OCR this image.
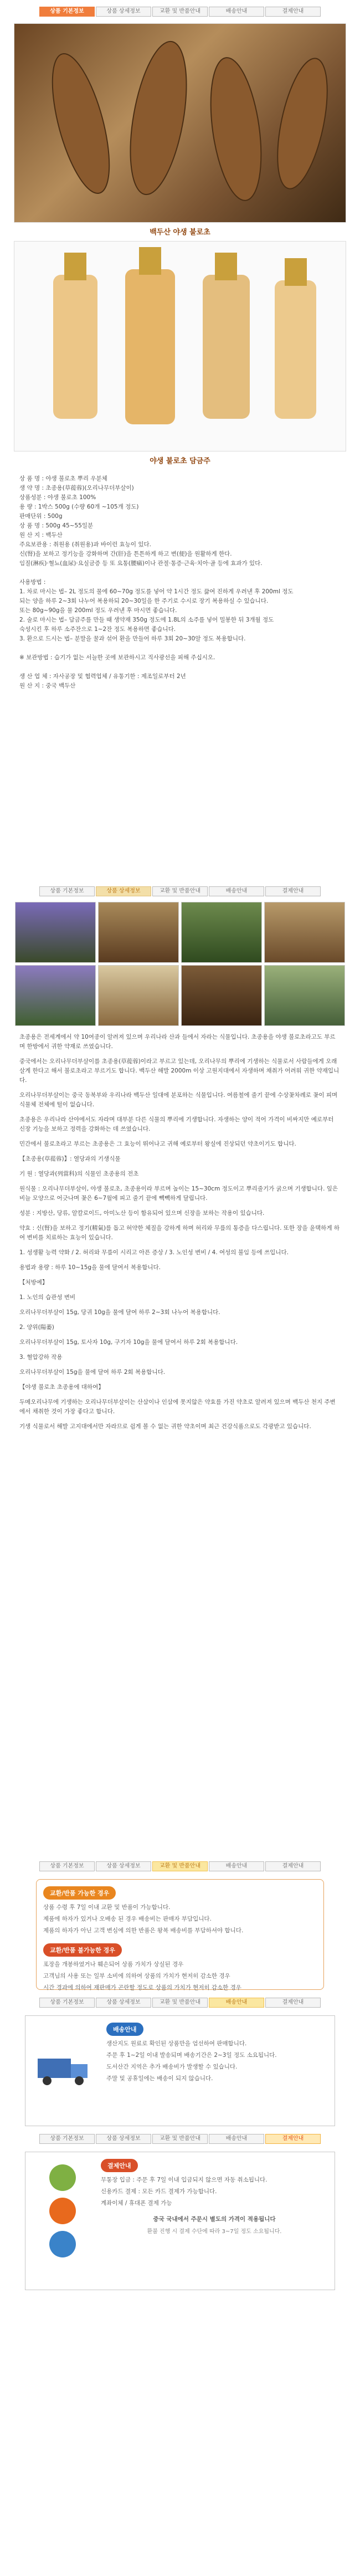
상품 기본정보	상품 상세정보	교환 및 반품안내	배송안내	결제안내
백두산 야생 불로초
야생 불로초 담금주

상 품 명 : 야생 불로초 뿌리 우분체

생 약 명 : 초종용(草蓯蓉)(오리나무더부살이)

상품성분 : 야생 불로초 100%

용 량 : 1박스 500g (수량 60개 ~105개 정도)

판매단위 : 500g

상 품 명 : 500g 45~55일분

원 산 지 : 백두산

주요보관용 : 취원용 (취원용)과 바이런 효능이 있다.

신(腎)을 보하고 정기능을 강화하며 간(肝)을 튼튼하게 하고 변(便)을 원활하게 한다.

임질(淋疾)·혈뇨(血尿)·요실금증 등 또 요통(腰痛)이나 관절·통증·근육·치아·골 등에 효과가 있다.

사용방법 :

1. 차로 마시는 법– 2L 정도의 물에 60~70g 정도를 넣어 약 1시간 정도 끓여 진하게 우려낸 후 200ml 정도

되는 양을 하루 2~3회 나누어 복용하되 20~30일을 한 주기로 수시로 장기 복용하실 수 있습니다.

또는 80g~90g을 물 200ml 정도 우려낸 후 마시면 좋습니다.

2. 술로 마시는 법– 담금주를 만들 때 생약재 350g 정도에 1.8L의 소주를 넣어 밀봉한 뒤 3개월 정도

숙성시킨 후 하루 소주잔으로 1~2잔 정도 복용하면 좋습니다.

3. 환으로 드시는 법– 분말을 꿀과 섞어 환을 만들어 하루 3회 20~30알 정도 복용합니다.

※ 보관방법 : 습기가 없는 서늘한 곳에 보관하시고 직사광선을 피해 주십시오.

생 산 업 체 : 자사공장 및 협력업체 / 유통기한 : 제조일로부터 2년

원 산 지 : 중국 백두산

상품 기본정보	상품 상세정보	교환 및 반품안내	배송안내	결제안내

초종용은 전세계에서 약 10여종이 알려져 있으며 우리나라 산과 들에서 자라는 식물입니다. 초종용을 야생 불로초라고도 부르며 한방에서 귀한 약재로 쓰였습니다.

중국에서는 오리나무더부살이를 초종용(草蓯蓉)이라고 부르고 있는데, 오리나무의 뿌리에 기생하는 식물로서 사람들에게 오래 살게 한다고 해서 불로초라고 부르기도 합니다. 백두산 해발 2000m 이상 고원지대에서 자생하며 채취가 어려워 귀한 약재입니다.

오리나무더부살이는 중국 동북부와 우리나라 백두산 일대에 분포하는 식물입니다. 여름철에 줄기 끝에 수상꽃차례로 꽃이 피며 식물체 전체에 털이 없습니다.

초종용은 우리나라 산야에서도 자라며 대부분 다른 식물의 뿌리에 기생합니다. 자생하는 양이 적어 가격이 비싸지만 예로부터 신장 기능을 보하고 정력을 강화하는 데 쓰였습니다.

민간에서 불로초라고 부르는 초종용은 그 효능이 뛰어나고 귀해 예로부터 왕실에 진상되던 약초이기도 합니다.

【초종용(草蓯蓉)】: 열당과의 기생식물

기 원 : 열당과(列當科)의 식물인 초종용의 전초

원식물 : 오리나무더부살이, 야생 불로초, 초종용이라 부르며 높이는 15~30cm 정도이고 뿌리줄기가 굵으며 기생합니다. 잎은 비늘 모양으로 어긋나며 꽃은 6~7월에 피고 줄기 끝에 빽빽하게 달립니다.

성분 : 지방산, 당류, 알칼로이드, 아미노산 등이 함유되어 있으며 신장을 보하는 작용이 있습니다.

약효 : 신(腎)을 보하고 정기(精氣)를 돕고 허약한 체질을 강하게 하며 허리와 무릎의 통증을 다스립니다. 또한 장을 윤택하게 하여 변비를 치료하는 효능이 있습니다.

1. 성생활 능력 약화 / 2. 허리와 무릎이 시리고 아픈 증상 / 3. 노인성 변비 / 4. 여성의 불임 등에 쓰입니다.

용법과 용량 : 하루 10~15g을 물에 달여서 복용합니다.

【처방예】

1. 노인의 습관성 변비

오리나무더부살이 15g, 당귀 10g을 물에 달여 하루 2~3회 나누어 복용합니다.

2. 양위(陽萎)

오리나무더부살이 15g, 토사자 10g, 구기자 10g을 물에 달여서 하루 2회 복용합니다.

3. 혈압강하 작용

오리나무더부살이 15g을 물에 달여 하루 2회 복용합니다.

【야생 불로초 초종용에 대하여】

두메오리나무에 기생하는 오리나무더부살이는 산삼이나 인삼에 못지않은 약효를 가진 약초로 알려져 있으며 백두산 천지 주변에서 채취한 것이 가장 좋다고 합니다.

기생 식물로서 해발 고지대에서만 자라므로 쉽게 볼 수 없는 귀한 약초이며 최근 건강식품으로도 각광받고 있습니다.

상품 기본정보	상품 상세정보	교환 및 반품안내	배송안내	결제안내
교환/반품 가능한 경우
상품 수령 후 7일 이내 교환 및 반품이 가능합니다.
제품에 하자가 있거나 오배송 된 경우 배송비는 판매자 부담입니다.
제품의 하자가 아닌 고객 변심에 의한 반품은 왕복 배송비를 부담하셔야 합니다.
교환/반품 불가능한 경우
포장을 개봉하였거나 훼손되어 상품 가치가 상실된 경우
고객님의 사용 또는 일부 소비에 의하여 상품의 가치가 현저히 감소한 경우
시간 경과에 의하여 재판매가 곤란할 정도로 상품의 가치가 현저히 감소한 경우
상품 기본정보	상품 상세정보	교환 및 반품안내	배송안내	결제안내
배송안내
생산지도 원료로 확인된 상품만을 엄선하여 판매합니다.
주문 후 1~2일 이내 발송되며 배송기간은 2~3일 정도 소요됩니다.
도서산간 지역은 추가 배송비가 발생할 수 있습니다.
주말 및 공휴일에는 배송이 되지 않습니다.
상품 기본정보	상품 상세정보	교환 및 반품안내	배송안내	결제안내
결제안내
무통장 입금 : 주문 후 7일 이내 입금되지 않으면 자동 취소됩니다.
신용카드 결제 : 모든 카드 결제가 가능합니다.
계좌이체 / 휴대폰 결제 가능
중국 국내에서 주문시 별도의 가격이 적용됩니다
환불 진행 시 결제 수단에 따라 3~7일 정도 소요됩니다.
